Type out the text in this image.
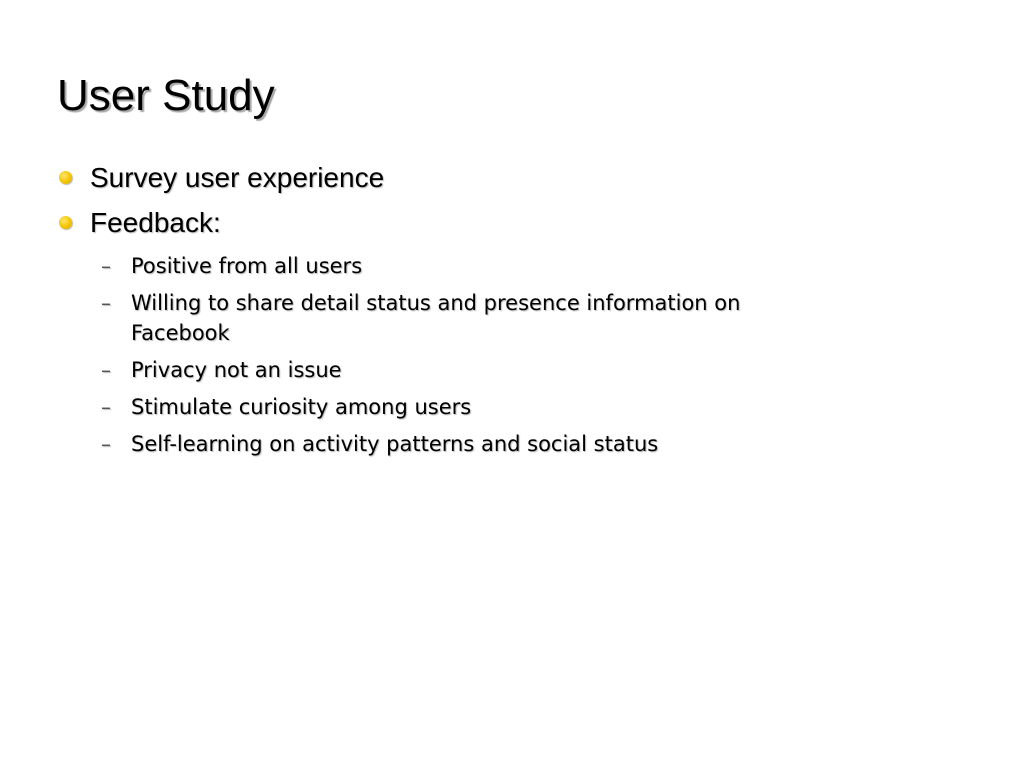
User Study
Survey user experience
Feedback:
– Positive from all users
– Willing to share detail status and presence information on Facebook
– Privacy not an issue
– Stimulate curiosity among users
– Self-learning on activity patterns and social status
